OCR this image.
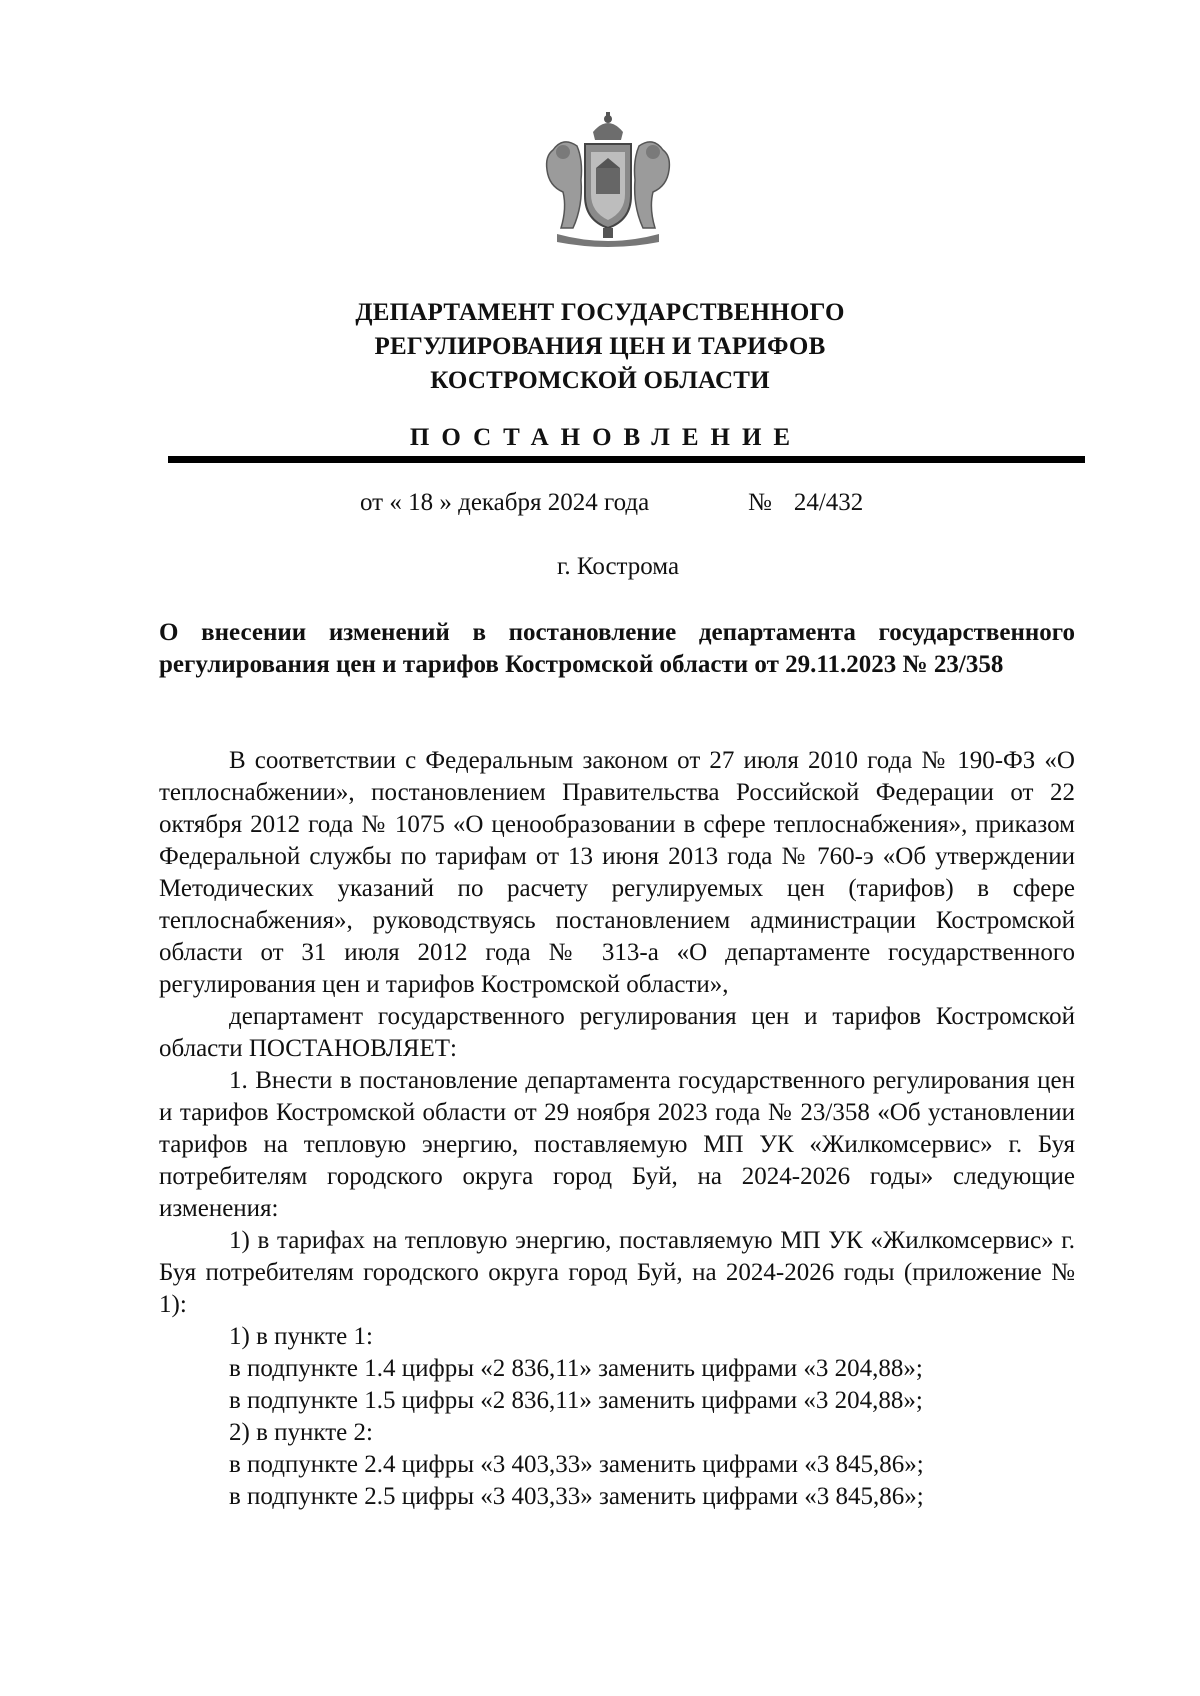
ДЕПАРТАМЕНТ ГОСУДАРСТВЕННОГО
РЕГУЛИРОВАНИЯ ЦЕН И ТАРИФОВ
КОСТРОМСКОЙ ОБЛАСТИ
ПОСТАНОВЛЕНИЕ
от « 18 » декабря 2024 года	№ 24/432
г. Кострома
О внесении изменений в постановление департамента государственного регулирования цен и тарифов Костромской области от 29.11.2023 № 23/358

В соответствии с Федеральным законом от 27 июля 2010 года № 190-ФЗ «О теплоснабжении», постановлением Правительства Российской Федерации от 22 октября 2012 года № 1075 «О ценообразовании в сфере теплоснабжения», приказом Федеральной службы по тарифам от 13 июня 2013 года № 760-э «Об утверждении Методических указаний по расчету регулируемых цен (тарифов) в сфере теплоснабжения», руководствуясь постановлением администрации Костромской области от 31 июля 2012 года № 313-а «О департаменте государственного регулирования цен и тарифов Костромской области»,

департамент государственного регулирования цен и тарифов Костромской области ПОСТАНОВЛЯЕТ:

1. Внести в постановление департамента государственного регулирования цен и тарифов Костромской области от 29 ноября 2023 года № 23/358 «Об установлении тарифов на тепловую энергию, поставляемую МП УК «Жилкомсервис» г. Буя потребителям городского округа город Буй, на 2024-2026 годы» следующие изменения:

1) в тарифах на тепловую энергию, поставляемую МП УК «Жилкомсервис» г. Буя потребителям городского округа город Буй, на 2024-2026 годы (приложение № 1):

1) в пункте 1:

в подпункте 1.4 цифры «2 836,11» заменить цифрами «3 204,88»;

в подпункте 1.5 цифры «2 836,11» заменить цифрами «3 204,88»;

2) в пункте 2:

в подпункте 2.4 цифры «3 403,33» заменить цифрами «3 845,86»;

в подпункте 2.5 цифры «3 403,33» заменить цифрами «3 845,86»;
